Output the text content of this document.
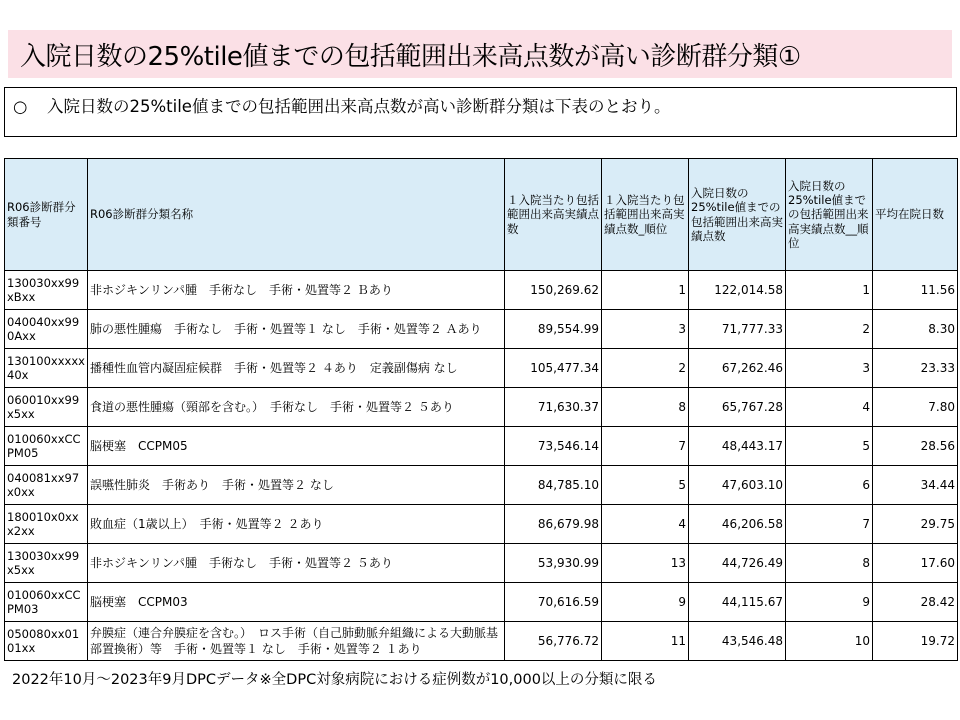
入院日数の25%tile値までの包括範囲出来高点数が高い診断群分類①
○ 入院日数の25%tile値までの包括範囲出来高点数が高い診断群分類は下表のとおり。
R06診断群分類番号	R06診断群分類名称	１入院当たり包括範囲出来高実績点数	１入院当たり包括範囲出来高実績点数_順位	入院日数の25%tile値までの包括範囲出来高実績点数	入院日数の25%tile値までの包括範囲出来高実績点数__順位	平均在院日数
130030xx99xBxx	非ホジキンリンパ腫　手術なし　手術・処置等２ Ｂあり	150,269.62	1	122,014.58	1	11.56
040040xx990Axx	肺の悪性腫瘍　手術なし　手術・処置等１ なし　手術・処置等２ Ａあり	89,554.99	3	71,777.33	2	8.30
130100xxxxx40x	播種性血管内凝固症候群　手術・処置等２ ４あり　定義副傷病 なし	105,477.34	2	67,262.46	3	23.33
060010xx99x5xx	食道の悪性腫瘍（頸部を含む。）　手術なし　手術・処置等２ ５あり	71,630.37	8	65,767.28	4	7.80
010060xxCCPM05	脳梗塞　CCPM05	73,546.14	7	48,443.17	5	28.56
040081xx97x0xx	誤嚥性肺炎　手術あり　手術・処置等２ なし	84,785.10	5	47,603.10	6	34.44
180010x0xxx2xx	敗血症（1歳以上）　手術・処置等２ ２あり	86,679.98	4	46,206.58	7	29.75
130030xx99x5xx	非ホジキンリンパ腫　手術なし　手術・処置等２ ５あり	53,930.99	13	44,726.49	8	17.60
010060xxCCPM03	脳梗塞　CCPM03	70,616.59	9	44,115.67	9	28.42
050080xx0101xx	弁膜症（連合弁膜症を含む。）　ロス手術（自己肺動脈弁組織による大動脈基部置換術）等　手術・処置等１ なし　手術・処置等２ １あり	56,776.72	11	43,546.48	10	19.72
2022年10月～2023年9月DPCデータ※全DPC対象病院における症例数が10,000以上の分類に限る
